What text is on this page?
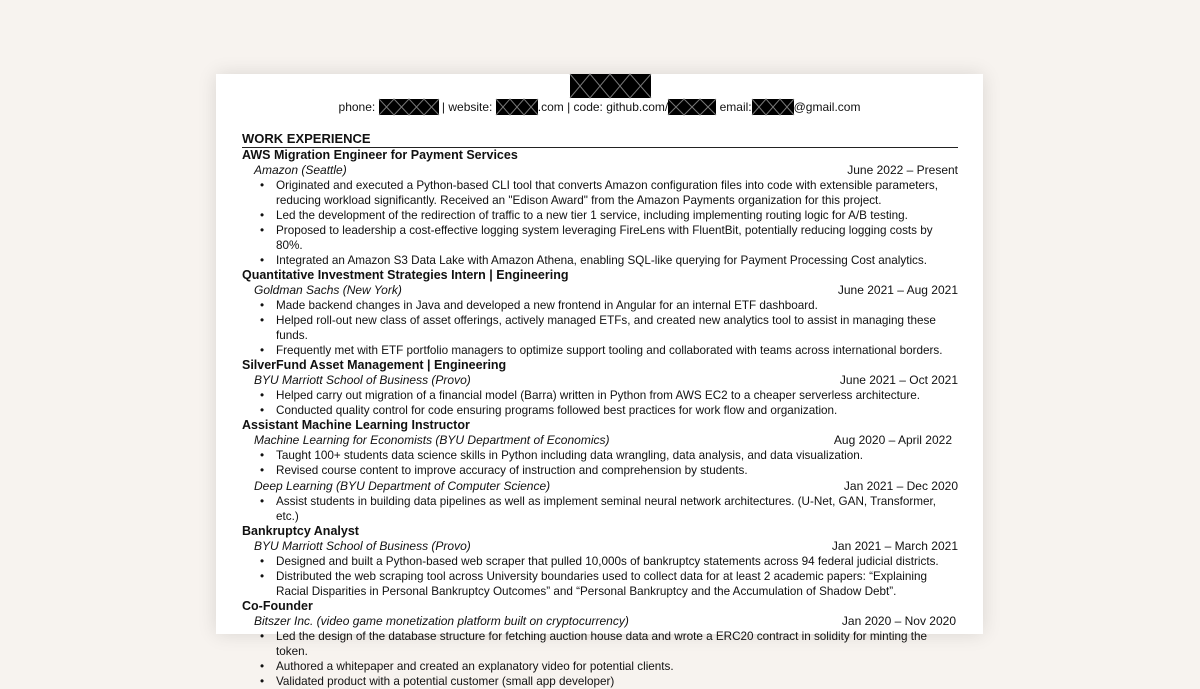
phone:	| website:	.com | code: github.com/	email:	@gmail.com
WORK EXPERIENCE
AWS Migration Engineer for Payment Services
Amazon (Seattle)	June 2022 – Present
• Originated and executed a Python-based CLI tool that converts Amazon configuration files into code with extensible parameters, reducing workload significantly. Received an "Edison Award" from the Amazon Payments organization for this project.
• Led the development of the redirection of traffic to a new tier 1 service, including implementing routing logic for A/B testing.
• Proposed to leadership a cost-effective logging system leveraging FireLens with FluentBit, potentially reducing logging costs by 80%.
• Integrated an Amazon S3 Data Lake with Amazon Athena, enabling SQL-like querying for Payment Processing Cost analytics.
Quantitative Investment Strategies Intern | Engineering
Goldman Sachs (New York)	June 2021 – Aug 2021
• Made backend changes in Java and developed a new frontend in Angular for an internal ETF dashboard.
• Helped roll-out new class of asset offerings, actively managed ETFs, and created new analytics tool to assist in managing these funds.
• Frequently met with ETF portfolio managers to optimize support tooling and collaborated with teams across international borders.
SilverFund Asset Management | Engineering
BYU Marriott School of Business (Provo)	June 2021 – Oct 2021
• Helped carry out migration of a financial model (Barra) written in Python from AWS EC2 to a cheaper serverless architecture.
• Conducted quality control for code ensuring programs followed best practices for work flow and organization.
Assistant Machine Learning Instructor
Machine Learning for Economists (BYU Department of Economics)	Aug 2020 – April 2022
• Taught 100+ students data science skills in Python including data wrangling, data analysis, and data visualization.
• Revised course content to improve accuracy of instruction and comprehension by students.
Deep Learning (BYU Department of Computer Science)	Jan 2021 – Dec 2020
• Assist students in building data pipelines as well as implement seminal neural network architectures. (U-Net, GAN, Transformer, etc.)
Bankruptcy Analyst
BYU Marriott School of Business (Provo)	Jan 2021 – March 2021
• Designed and built a Python-based web scraper that pulled 10,000s of bankruptcy statements across 94 federal judicial districts.
• Distributed the web scraping tool across University boundaries used to collect data for at least 2 academic papers: “Explaining Racial Disparities in Personal Bankruptcy Outcomes” and “Personal Bankruptcy and the Accumulation of Shadow Debt”.
Co-Founder
Bitszer Inc. (video game monetization platform built on cryptocurrency)	Jan 2020 – Nov 2020
• Led the design of the database structure for fetching auction house data and wrote a ERC20 contract in solidity for minting the token.
• Authored a whitepaper and created an explanatory video for potential clients.
• Validated product with a potential customer (small app developer)
